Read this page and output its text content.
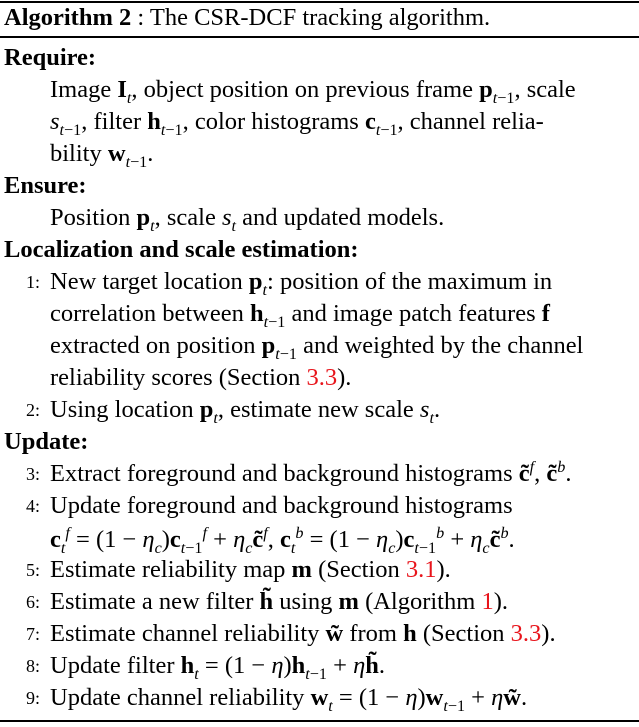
Algorithm 2 : The CSR-DCF tracking algorithm.
Require:
Image $I_t$, object position on previous frame $p_{t-1}$, scale
$s_{t-1}$, filter $h_{t-1}$, color histograms $c_{t-1}$, channel relia-
bility $w_{t-1}$.
Ensure:
Position $p_t$, scale $s_t$ and updated models.
Localization and scale estimation:
1: New target location $p_t$: position of the maximum in
correlation between $h_{t-1}$ and image patch features f
extracted on position $p_{t-1}$ and weighted by the channel
reliability scores (Section 3.3).
2: Using location $p_t$, estimate new scale $s_t$.
Update:
3: Extract foreground and background histograms c̃$^f$, c̃$^b$.
4: Update foreground and background histograms
$c_t^f = (1 - \eta_c)c_{t-1}^f$ + $\eta_cc̃^f$, $c_t^b = (1 - \eta_c)c_{t-1}^b$ + $\eta_cc̃^b$.
5: Estimate reliability map m (Section 3.1).
6: Estimate a new filter h̃ using m (Algorithm 1).
7: Estimate channel reliability w̃ from h (Section 3.3).
8: Update filter $h_t = (1 - \eta)h_{t-1}$ + ηh̃.
9: Update channel reliability $w_t = (1 - \eta)w_{t-1}$ + ηw̃.
